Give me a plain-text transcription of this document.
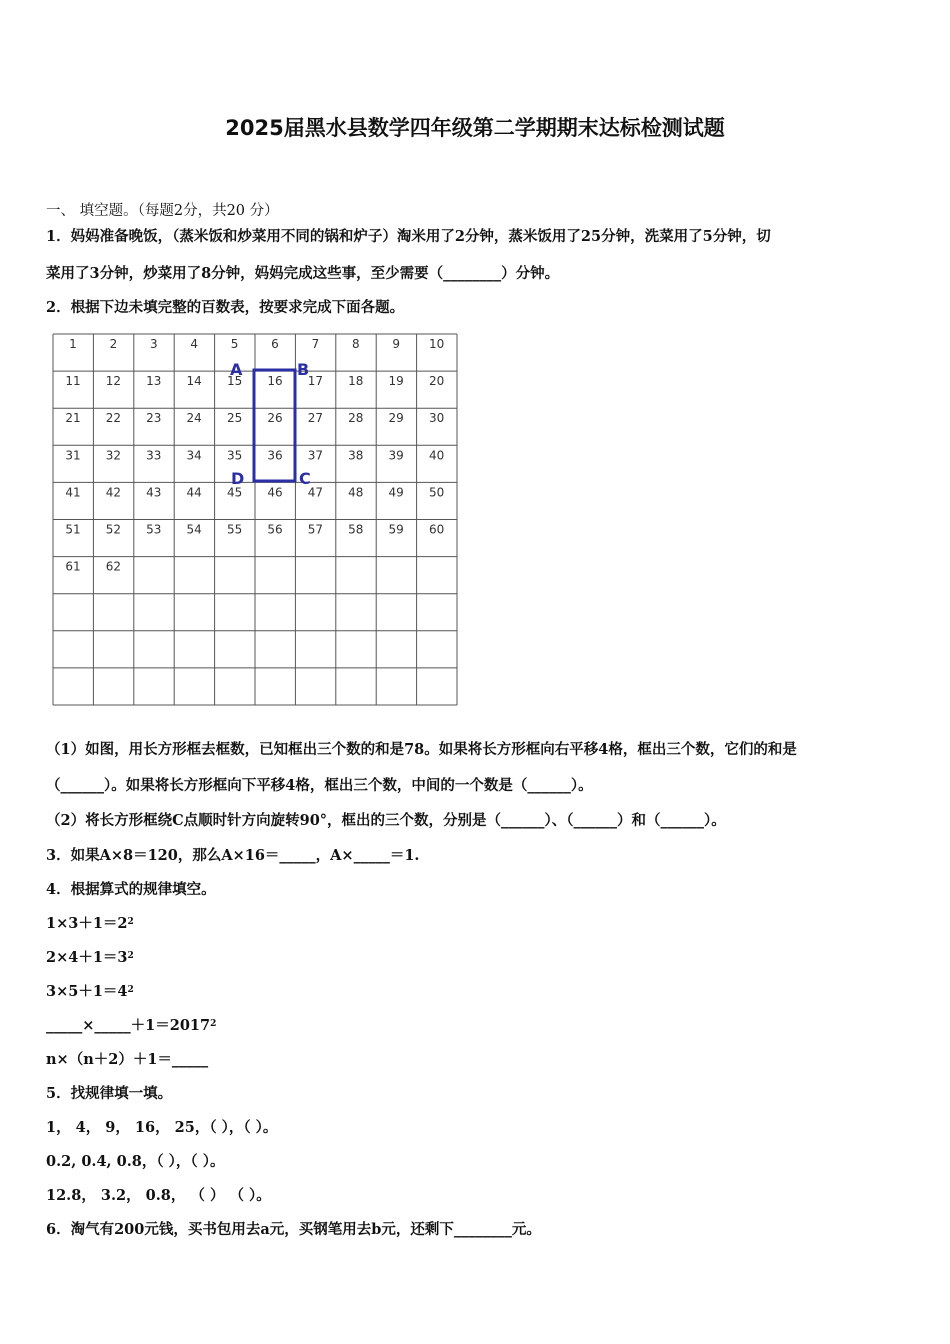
2025届黑水县数学四年级第二学期期末达标检测试题
一、 填空题。（每题2分，共20 分）
1．妈妈准备晚饭，（蒸米饭和炒菜用不同的锅和炉子）淘米用了2分钟，蒸米饭用了25分钟，洗菜用了5分钟，切
菜用了3分钟，炒菜用了8分钟，妈妈完成这些事，至少需要（________）分钟。
2．根据下边未填完整的百数表，按要求完成下面各题。
1	2	3	4	5	6	7	8	9 10
11 12 13 14 15 16 17 18 19 20
21 22 23 24 25 26 27 28 29 30
31 32 33 34 35 36 37 38 39 40
41 42 43 44 45 46 47 48 49 50
51 52 53 54 55 56 57 58 59 60
61 62
A	B
C
D
（1）如图，用长方形框去框数，已知框出三个数的和是78。如果将长方形框向右平移4格，框出三个数，它们的和是
（______）。如果将长方形框向下平移4格，框出三个数，中间的一个数是（______）。
（2）将长方形框绕C点顺时针方向旋转90°，框出的三个数，分别是（______）、（______）和（______）。
3．如果A×8＝120，那么A×16＝_____，A×_____＝1.
4．根据算式的规律填空。
$1\times 3+1=2^2$
$2\times 4+1=3^2$
$3\times 5+1=4^2$
$\_\_\_\_\_\times\_\_\_\_\_+1=2017^2$
n×（n＋2）＋1＝_____
5．找规律填一填。
1， 4， 9， 16， 25，（ ），（ ）。
0.2, 0.4, 0.8，（ ），（ ）。
12.8， 3.2， 0.8， （ ） （ ）。
6．淘气有200元钱，买书包用去a元，买钢笔用去b元，还剩下________元。
